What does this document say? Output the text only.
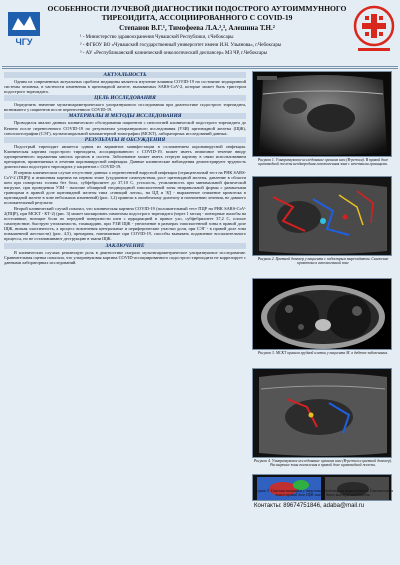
ЧГУ
ОСОБЕННОСТИ ЛУЧЕВОЙ ДИАГНОСТИКИ ПОДОСТРОГО АУТОИММУННОГО ТИРЕОИДИТА, АССОЦИИРОВАННОГО С COVID-19
Степанов В.Г.¹, Тимофеева Л.А.²,³, Алешина Т.Н.²
¹ - Министерство здравоохранения Чувашской Республики, г.Чебоксары
² - ФГБОУ ВО «Чувашский государственный университет имени И.Н. Ульянова», г.Чебоксары
³ - АУ «Республиканский клинический онкологический диспансер» МЗ ЧР, г.Чебоксары
АКТУАЛЬНОСТЬ
Одним из современных актуальных проблем медицины является изучение влияния COVID-19 на состояние эндокринной системы человека, в частности изменения в щитовидной железе, вызываемых SARS-CoV-2, которые может быть триггером подострого тиреоидита.
ЦЕЛЬ ИССЛЕДОВАНИЯ
Определить значение мультипараметрического ультразвукового исследования при диагностике подострого тиреоидита, возникшего у пациентов после перенесенного COVID-19.
МАТЕРИАЛЫ И МЕТОДЫ ИССЛЕДОВАНИЯ
Проводился анализ данных клинического обследования пациентов с патологией клинической подострого тиреоидита до Кемена после перенесенного COVID-19 по результатам ультразвукового исследования (УЗИ) щитовидной железы (ЩЖ), соноэластографии (СЭГ), мультиспиральной компьютерной томографии (МСКТ), лабораторных исследований данных.
РЕЗУЛЬТАТЫ И ОБСУЖДЕНИЯ
Подострый тиреоидит является одним из вариантов манифестации в осложнением коронавирусной инфекции. Клиническая картина подострого тиреоидита, ассоциированного с COVID-19, может иметь атипичное течение ввиду одновременного поражения многих органов и систем. Заболевание может иметь стертую картину в связи использованием препаратов, применяемых в лечении коронавирусной инфекции. Данные клинические наблюдения демонстрируют трудность диагностики подострого тиреоидита у пациентов с COVID-19.
В первом клиническом случае отсутствие данных о перенесенной вирусной инфекции (отрицательный тест на РНК SARS-CoV-2 (ПЦР)) и атипичная картина на первом этапе (ухудшение самочувствия, рост щитовидной железы, давление в области шеи при поворотах головы без болл, субфебрилитет до 37,10 С, усталость, утомляемость при минимальной физической нагрузке, при проведении УЗИ - наличие обширной неоднородной гипоэхогенной зоны неправильной формы с размытыми границами в правой доле щитовидной железы типа «тающий лоток», на ЦД и ЭД - выраженное снижение кровотока в щитовидной железе в зоне небольших изменений) (рис. 1,2) привели к ошибочному диагнозу и назначению лечения, не давшего положительный результат.
Второй клинический случай показал, что клиническая картина COVID-19 (положительный тест ПЦР на РНК SARS-CoV-2(ПЦР), при МСКТ - КТ-2) (рис. 3) может маскировать симптомы подострого тиреоидита (через 1 месяц - повторные жалобы на постоянные, ноющие боли по передней поверхности шеи с иррадиацией в правое ухо, субфебрилитет 37,2 С, плохое самочувствие, быструю утомляемость, тахикардию, при УЗИ ЩЖ - увеличение в размерах гипоэхогенной зоны в правой доле ЩЖ, низкая эластичность, а процесс вовлечения центральные и периферические участки доли, при СЭГ - в правой доле зона повышенной жесткости) (рис. 4,5), препараты, назначаемые при COVID-19, способы вызывать подавление воспалительного процесса, но не останавливают деструкцию в ткани ЩЖ.
ЗАКЛЮЧЕНИЕ
В клинических случаях решающую роль в диагностике сыграло мультипараметрическое ультразвуковое исследование. Сравнительная оценка показала, что ультразвуковая картина COVID-ассоциированного подострого тиреоидита не коррелирует с данными лабораторных исследований.
Рисунок 1. Ультразвуковое исследование органом шеи (В-режим). В правой доле щитовидной железы неоднородная гипоэхогенная зона с нечеткими границами.
Рисунок 2. Цветной допплер у пациента с подострым тиреоидитом. Снижение кровотока в гипоэхогенной зоне
Рисунок 3. МСКТ органов грудной клетки у пациента М. в дебюте заболевания.
Рисунок 4. Ультразвуковое исследование органом шеи (В-режим и цветной допплер). Расширение зоны воспаления в правой доле щитовидной железы.
Рисунок 5. Соноэластография у пациента с подострым тиреоидитом. Гипоэхогенная зона в правой доле ЩЖ имеет более высокую жесткость.
Контакты: 89674751846, adaba@mail.ru
